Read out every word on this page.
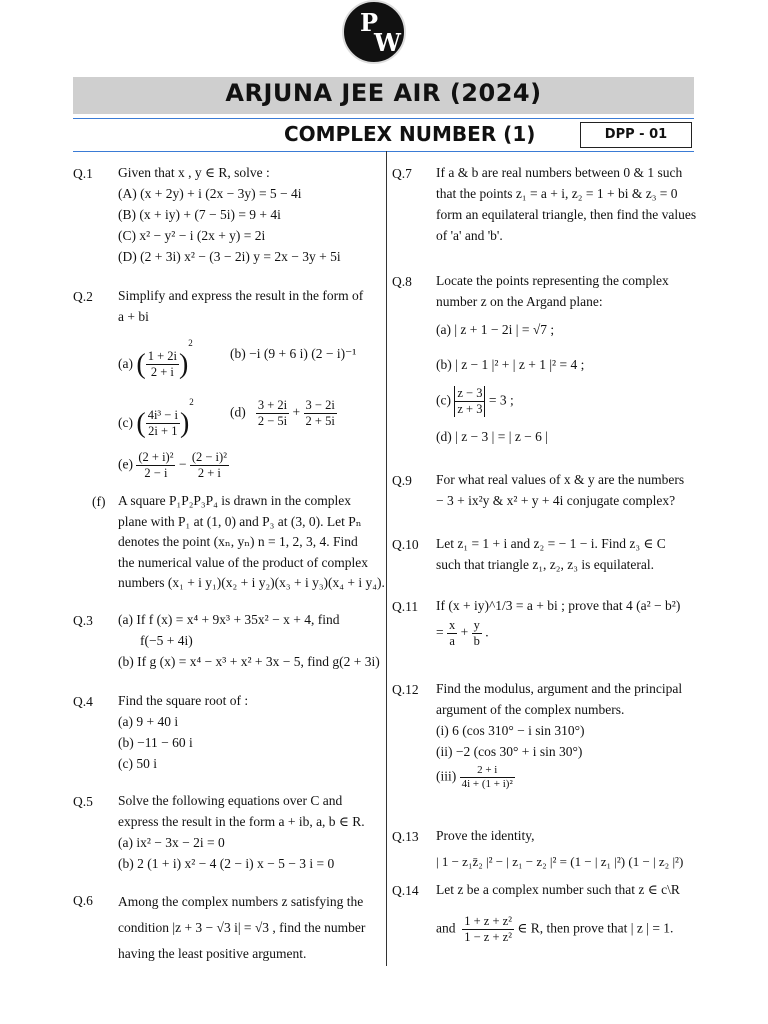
P
W
ARJUNA JEE AIR (2024)
COMPLEX NUMBER (1)	DPP - 01
Q.1 Given that x , y ∈ R, solve :
(A) (x + 2y) + i (2x − 3y) = 5 − 4i
(B) (x + iy) + (7 − 5i) = 9 + 4i
(C) x² − y² − i (2x + y) = 2i
(D) (2 + 3i) x² − (3 − 2i) y = 2x − 3y + 5i
Q.2 Simplify and express the result in the form of
a + bi
(a) ( $\frac{1 + 2i}{2 + i} )^2$
(b) −i (9 + 6 i) (2 − i)⁻¹
(c) ( $\frac{\text{4i³ − i}}{2i + 1} )^2$
$(d) \frac{3 + 2i}{2 - 5i} + \frac{3 - 2i}{2 + 5i}$
$(e) \frac{\text{(2 + i)²}}{2 - i} - \frac{\text{(2 − i)²}}{2 + i}$
(f) A square P₁P₂P₃P₄ is drawn in the complex
plane with P₁ at (1, 0) and P₃ at (3, 0). Let Pₙ
denotes the point (xₙ, yₙ) n = 1, 2, 3, 4. Find
the numerical value of the product of complex
numbers (x₁ + i y₁)(x₂ + i y₂)(x₃ + i y₃)(x₄ + i y₄).
Q.3 (a) If f (x) = x⁴ + 9x³ + 35x² − x + 4, find
f(−5 + 4i)
(b) If g (x) = x⁴ − x³ + x² + 3x − 5, find g(2 + 3i)
Q.4 Find the square root of :
(a) 9 + 40 i
(b) −11 − 60 i
(c) 50 i
Q.5 Solve the following equations over C and
express the result in the form a + ib, a, b ∈ R.
(a) ix² − 3x − 2i = 0
(b) 2 (1 + i) x² − 4 (2 − i) x − 5 − 3 i = 0
Q.6 Among the complex numbers z satisfying the
condition |z + 3 − √3 i| = √3 , find the number
having the least positive argument.
Q.7 If a & b are real numbers between 0 & 1 such
that the points z₁ = a + i, z₂ = 1 + bi & z₃ = 0
form an equilateral triangle, then find the values
of 'a' and 'b'.
Q.8 Locate the points representing the complex
number z on the Argand plane:
(a) | z + 1 − 2i | = √7 ;
(b) | z − 1 |² + | z + 1 |² = 4 ;
$(c) \frac{z - 3}{z + 3} = 3$ ;
(d) | z − 3 | = | z − 6 |
Q.9 For what real values of x & y are the numbers
− 3 + ix²y & x² + y + 4i conjugate complex?
Q.10 Let z₁ = 1 + i and z₂ = − 1 − i. Find z₃ ∈ C
such that triangle z₁, z₂, z₃ is equilateral.
Q.11 If (x + iy)^1/3 = a + bi ; prove that 4 (a² − b²)
= $\frac{x}{a} + \frac{y}{b}$ .
Q.12 Find the modulus, argument and the principal
argument of the complex numbers.
(i) 6 (cos 310° − i sin 310°)
(ii) −2 (cos 30° + i sin 30°)
$(iii) \frac{2 + i}{\text{4i + (1 + i)²}}$
Q.13 Prove the identity,
| 1 − z₁z̄₂ |² − | z₁ − z₂ |² = (1 − | z₁ |²) (1 − | z₂ |²)
Q.14 Let z be a complex number such that z ∈ c\R
and $\frac{\text{1 + z + z²}}{\text{1 − z + z²}}$ ∈ R, then prove that | z | = 1.
